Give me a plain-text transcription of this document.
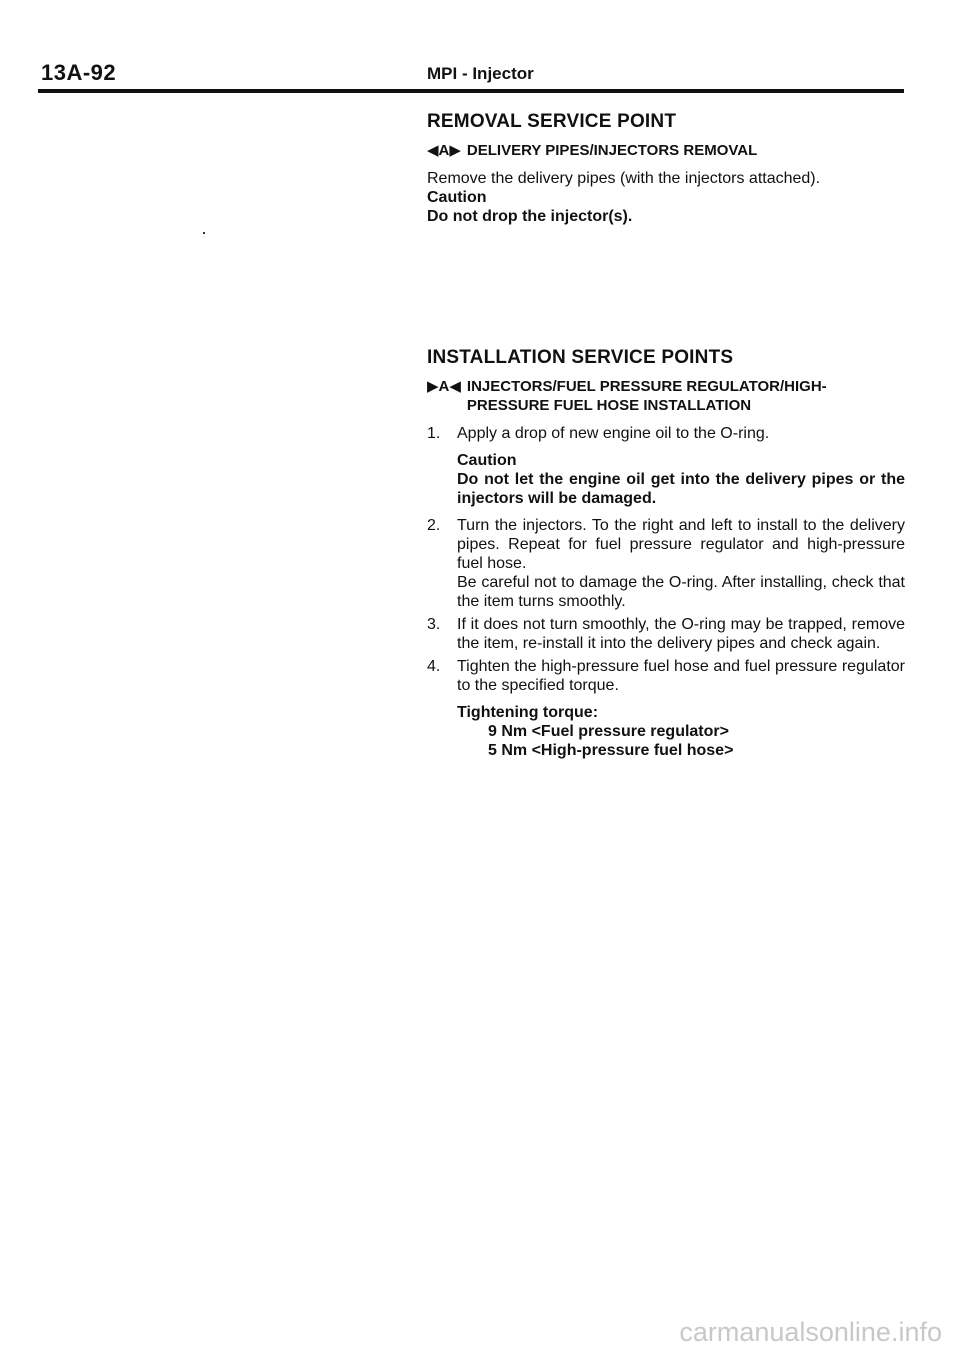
13A-92	MPI - Injector
REMOVAL SERVICE POINT
◀A▶ DELIVERY PIPES/INJECTORS REMOVAL
Remove the delivery pipes (with the injectors attached).
Caution
Do not drop the injector(s).
INSTALLATION SERVICE POINTS
▶A◀ INJECTORS/FUEL PRESSURE REGULATOR/HIGH-PRESSURE FUEL HOSE INSTALLATION
1.	Apply a drop of new engine oil to the O-ring.
Caution
Do not let the engine oil get into the delivery pipes or the injectors will be damaged.
2.	Turn the injectors. To the right and left to install to the delivery pipes. Repeat for fuel pressure regulator and high-pressure fuel hose.
Be careful not to damage the O-ring. After installing, check that the item turns smoothly.
3.	If it does not turn smoothly, the O-ring may be trapped, remove the item, re-install it into the delivery pipes and check again.
4.	Tighten the high-pressure fuel hose and fuel pressure regulator to the specified torque.
Tightening torque:
9 Nm <Fuel pressure regulator>
5 Nm <High-pressure fuel hose>
carmanualsonline.info
